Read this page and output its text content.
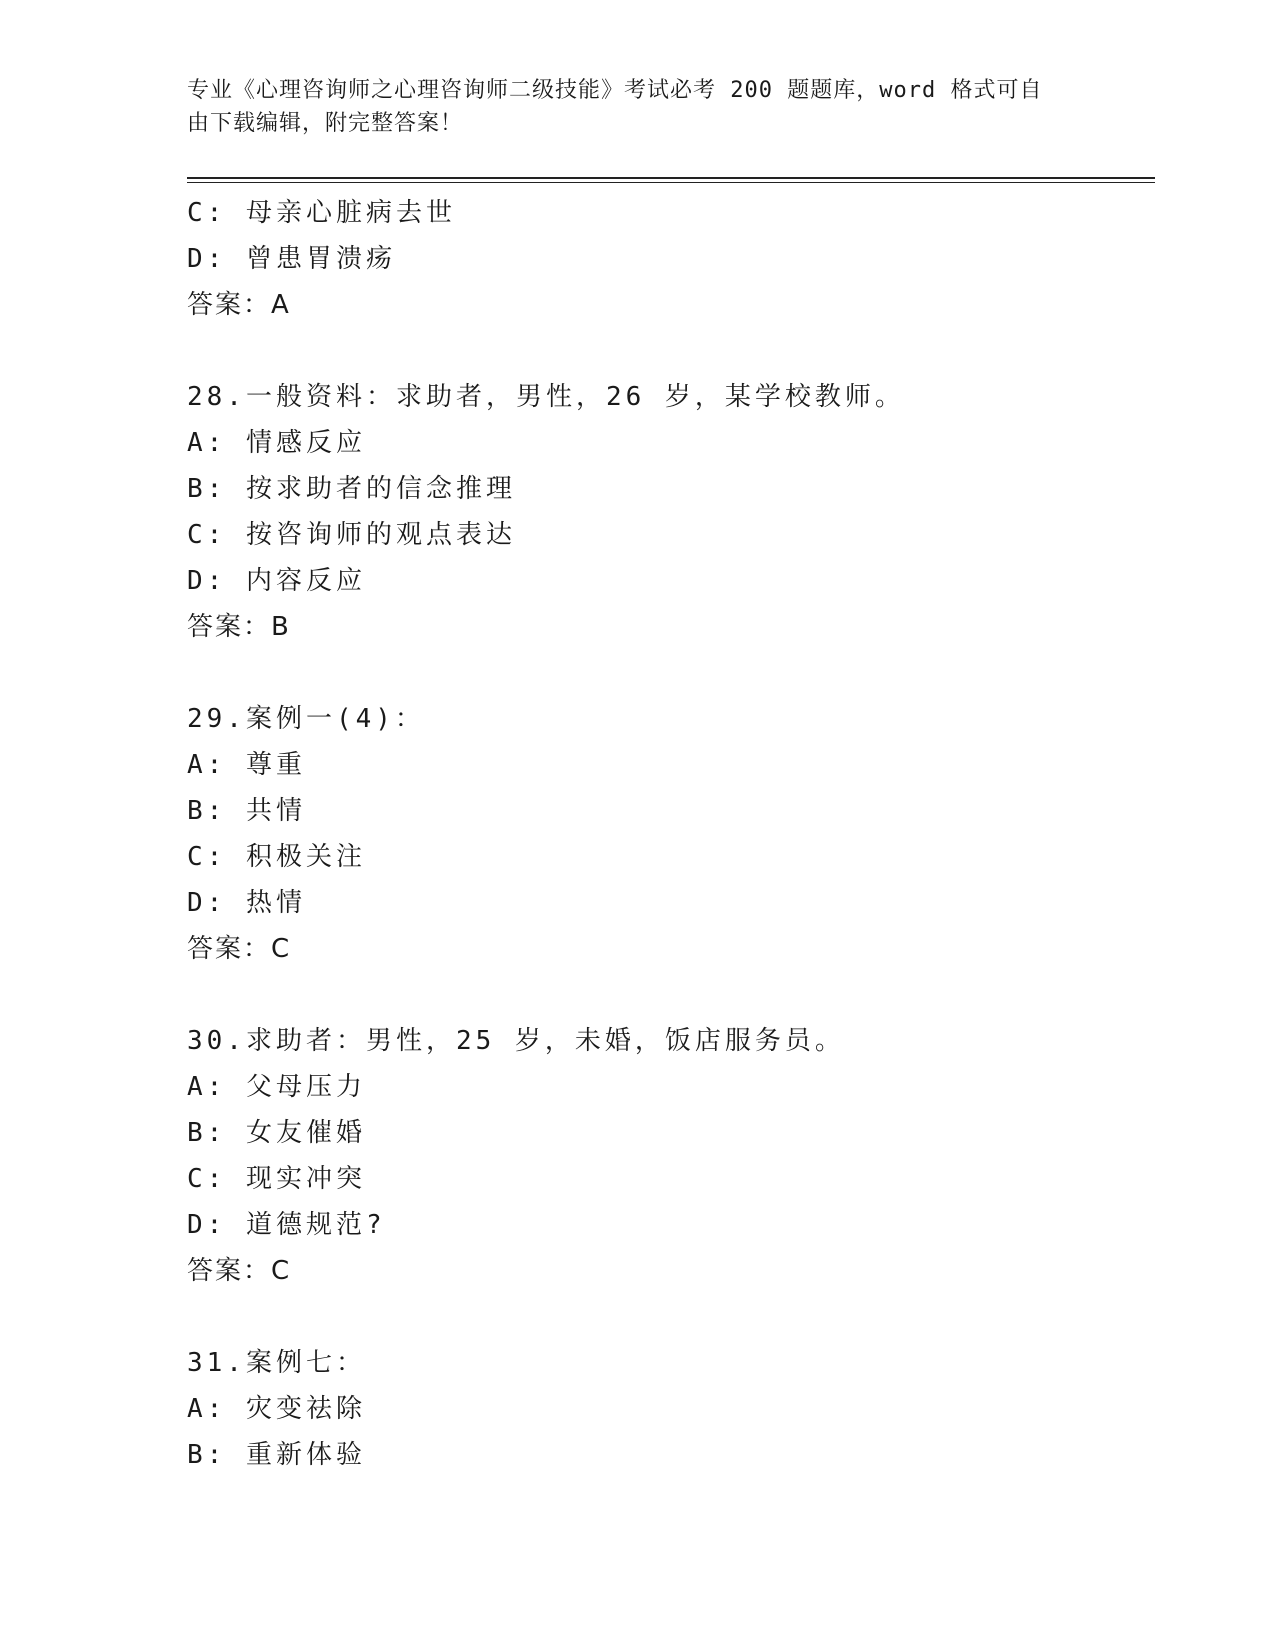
专业《心理咨询师之心理咨询师二级技能》考试必考 200 题题库，word 格式可自
由下载编辑，附完整答案！
C: 母亲心脏病去世
D: 曾患胃溃疡
答案：A
28.一般资料：求助者，男性，26 岁，某学校教师。
A: 情感反应
B: 按求助者的信念推理
C: 按咨询师的观点表达
D: 内容反应
答案：B
29.案例一(4)：
A: 尊重
B: 共情
C: 积极关注
D: 热情
答案：C
30.求助者：男性，25 岁，未婚，饭店服务员。
A: 父母压力
B: 女友催婚
C: 现实冲突
D: 道德规范?
答案：C
31.案例七：
A: 灾变祛除
B: 重新体验
